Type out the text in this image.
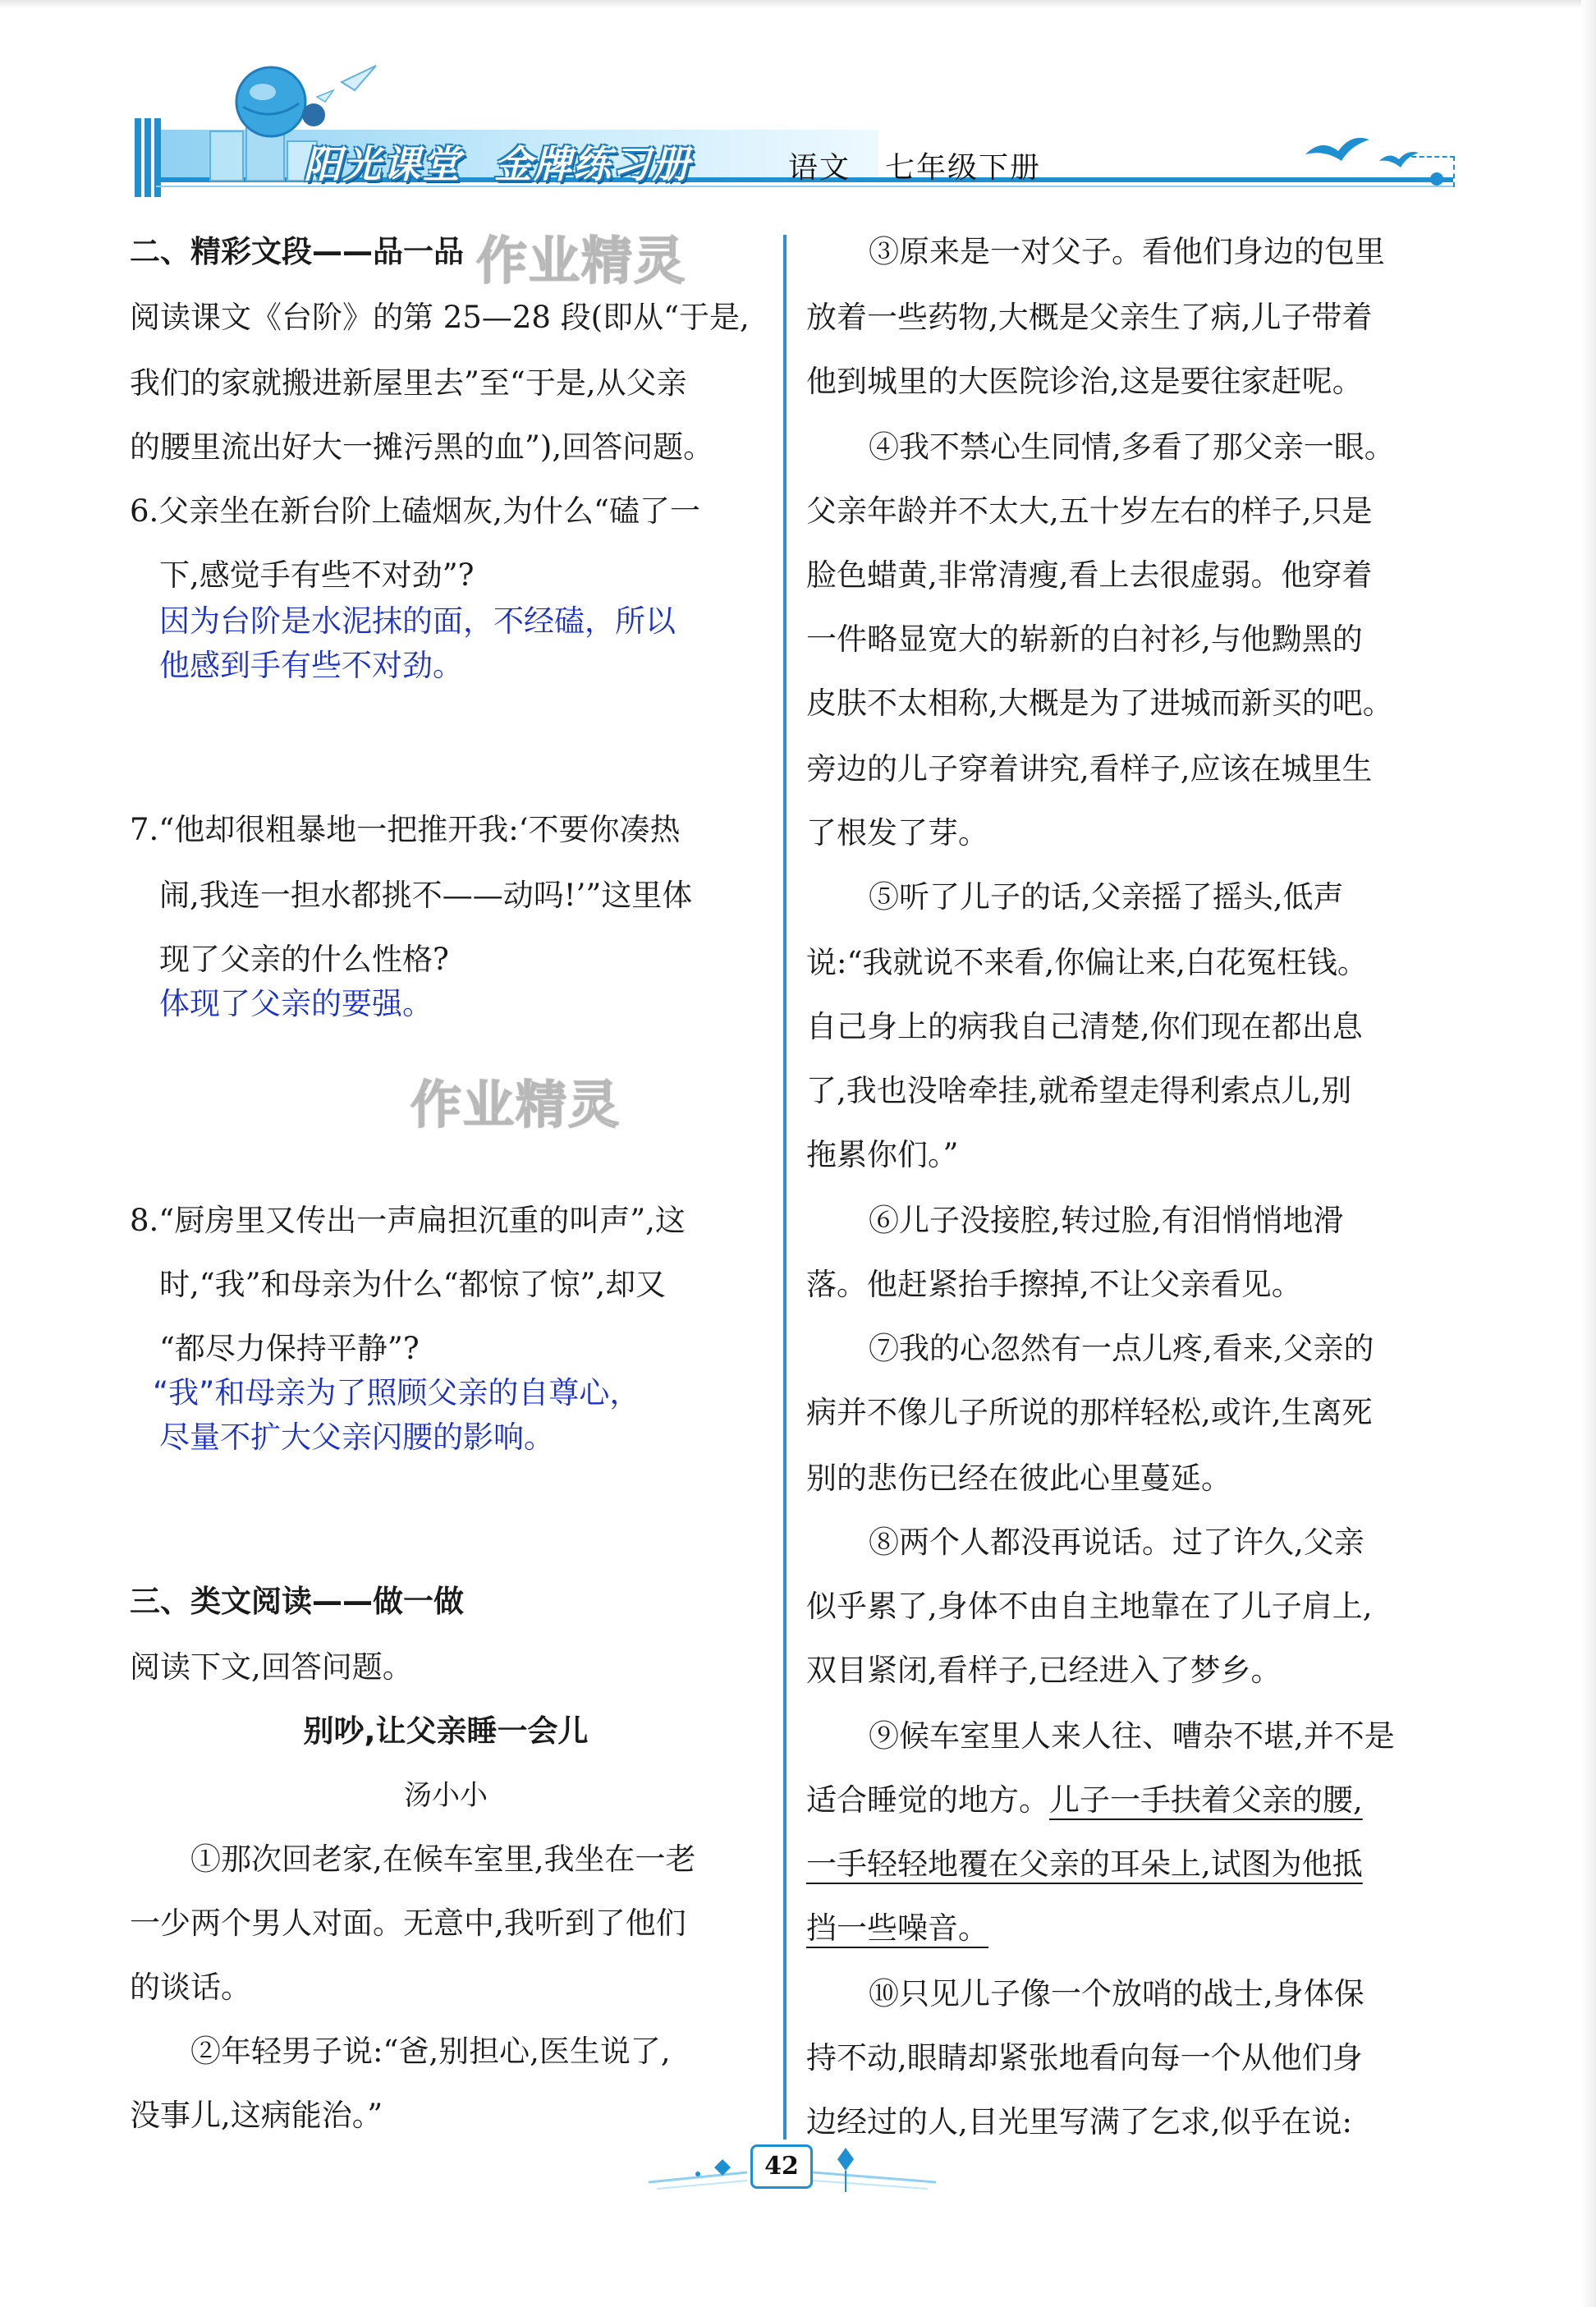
阳光课堂 金牌练习册	语文 七年级下册
作业精灵
作业精灵
二、精彩文段——品一品
阅读课文《台阶》的第 25—28 段(即从“于是,
我们的家就搬进新屋里去”至“于是,从父亲
的腰里流出好大一摊污黑的血”),回答问题。
6.父亲坐在新台阶上磕烟灰,为什么“磕了一
下,感觉手有些不对劲”?
因为台阶是水泥抹的面，不经磕，所以
他感到手有些不对劲。
7.“他却很粗暴地一把推开我:‘不要你凑热
闹,我连一担水都挑不——动吗!’”这里体
现了父亲的什么性格?
体现了父亲的要强。
8.“厨房里又传出一声扁担沉重的叫声”,这
时,“我”和母亲为什么“都惊了惊”,却又
“都尽力保持平静”?
“我”和母亲为了照顾父亲的自尊心，
尽量不扩大父亲闪腰的影响。
三、类文阅读——做一做
阅读下文,回答问题。
别吵,让父亲睡一会儿
汤小小
①那次回老家,在候车室里,我坐在一老
一少两个男人对面。无意中,我听到了他们
的谈话。
②年轻男子说:“爸,别担心,医生说了,
没事儿,这病能治。”
③原来是一对父子。看他们身边的包里
放着一些药物,大概是父亲生了病,儿子带着
他到城里的大医院诊治,这是要往家赶呢。
④我不禁心生同情,多看了那父亲一眼。
父亲年龄并不太大,五十岁左右的样子,只是
脸色蜡黄,非常清瘦,看上去很虚弱。他穿着
一件略显宽大的崭新的白衬衫,与他黝黑的
皮肤不太相称,大概是为了进城而新买的吧。
旁边的儿子穿着讲究,看样子,应该在城里生
了根发了芽。
⑤听了儿子的话,父亲摇了摇头,低声
说:“我就说不来看,你偏让来,白花冤枉钱。
自己身上的病我自己清楚,你们现在都出息
了,我也没啥牵挂,就希望走得利索点儿,别
拖累你们。”
⑥儿子没接腔,转过脸,有泪悄悄地滑
落。他赶紧抬手擦掉,不让父亲看见。
⑦我的心忽然有一点儿疼,看来,父亲的
病并不像儿子所说的那样轻松,或许,生离死
别的悲伤已经在彼此心里蔓延。
⑧两个人都没再说话。过了许久,父亲
似乎累了,身体不由自主地靠在了儿子肩上,
双目紧闭,看样子,已经进入了梦乡。
⑨候车室里人来人往、嘈杂不堪,并不是
适合睡觉的地方。儿子一手扶着父亲的腰,
一手轻轻地覆在父亲的耳朵上,试图为他抵
挡一些噪音。
⑩只见儿子像一个放哨的战士,身体保
持不动,眼睛却紧张地看向每一个从他们身
边经过的人,目光里写满了乞求,似乎在说:
42
